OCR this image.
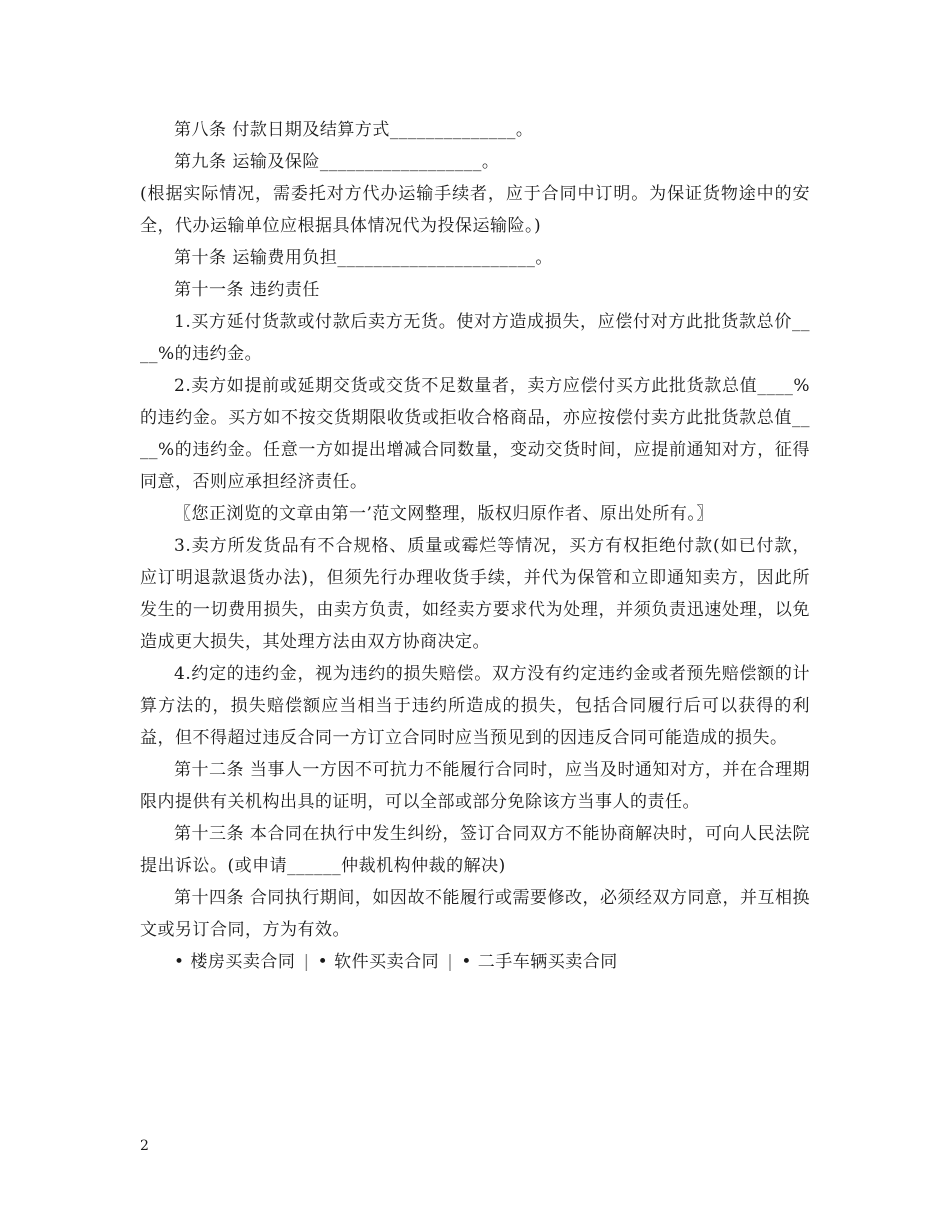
第八条 付款日期及结算方式______________。

第九条 运输及保险__________________。

(根据实际情况，需委托对方代办运输手续者，应于合同中订明。为保证货物途中的安全，代办运输单位应根据具体情况代为投保运输险。)

第十条 运输费用负担______________________。

第十一条 违约责任

1.买方延付货款或付款后卖方无货。使对方造成损失，应偿付对方此批货款总价____%的违约金。

2.卖方如提前或延期交货或交货不足数量者，卖方应偿付买方此批货款总值____%的违约金。买方如不按交货期限收货或拒收合格商品，亦应按偿付卖方此批货款总值____%的违约金。任意一方如提出增减合同数量，变动交货时间，应提前通知对方，征得同意，否则应承担经济责任。

〖您正浏览的文章由第一’范文网整理，版权归原作者、原出处所有。〗

3.卖方所发货品有不合规格、质量或霉烂等情况，买方有权拒绝付款(如已付款，应订明退款退货办法)，但须先行办理收货手续，并代为保管和立即通知卖方，因此所发生的一切费用损失，由卖方负责，如经卖方要求代为处理，并须负责迅速处理，以免造成更大损失，其处理方法由双方协商决定。

4.约定的违约金，视为违约的损失赔偿。双方没有约定违约金或者预先赔偿额的计算方法的，损失赔偿额应当相当于违约所造成的损失，包括合同履行后可以获得的利益，但不得超过违反合同一方订立合同时应当预见到的因违反合同可能造成的损失。

第十二条 当事人一方因不可抗力不能履行合同时，应当及时通知对方，并在合理期限内提供有关机构出具的证明，可以全部或部分免除该方当事人的责任。

第十三条 本合同在执行中发生纠纷，签订合同双方不能协商解决时，可向人民法院提出诉讼。(或申请______仲裁机构仲裁的解决)

第十四条 合同执行期间，如因故不能履行或需要修改，必须经双方同意，并互相换文或另订合同，方为有效。

• 楼房买卖合同 | • 软件买卖合同 | • 二手车辆买卖合同

2
